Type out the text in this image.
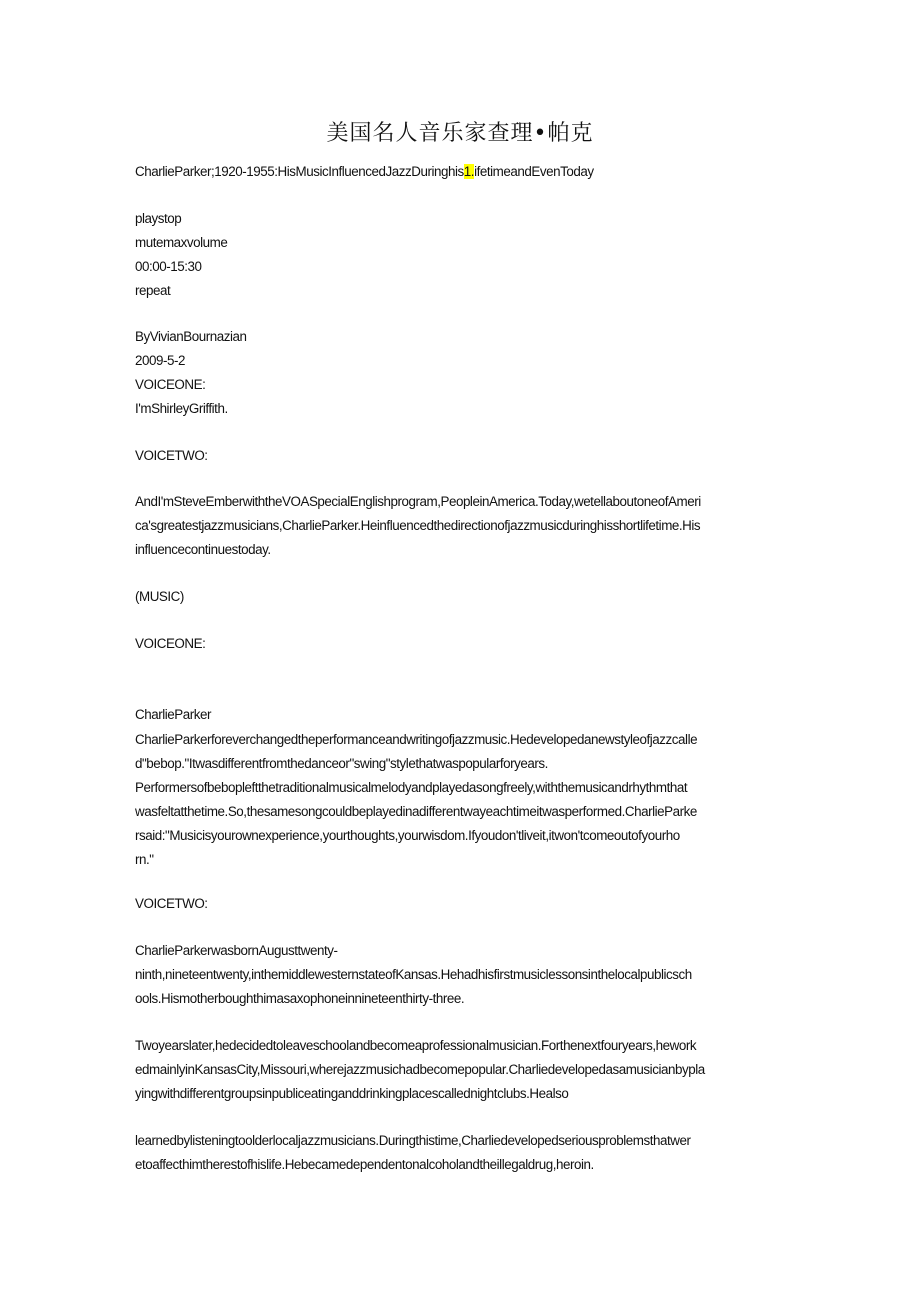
美国名人音乐家查理•帕克
CharlieParker;1920-1955:HisMusicInfluencedJazzDuringhis1.ifetimeandEvenToday
playstop
mutemaxvolume
00:00-15:30
repeat
ByVivianBournazian
2009-5-2
VOICEONE:
I'mShirleyGriffith.
VOICETWO:
AndI'mSteveEmberwiththeVOASpecialEnglishprogram,PeopleinAmerica.Today,wetellaboutoneofAmeri
ca'sgreatestjazzmusicians,CharlieParker.Heinfluencedthedirectionofjazzmusicduringhisshortlifetime.His
influencecontinuestoday.
(MUSIC)
VOICEONE:
CharlieParker
CharlieParkerforeverchangedtheperformanceandwritingofjazzmusic.Hedevelopedanewstyleofjazzcalle
d"bebop."Itwasdifferentfromthedanceor"swing"stylethatwaspopularforyears.
Performersofbebopleftthetraditionalmusicalmelodyandplayedasongfreely,withthemusicandrhythmthat
wasfeltatthetime.So,thesamesongcouldbeplayedinadifferentwayeachtimeitwasperformed.CharlieParke
rsaid:"Musicisyourownexperience,yourthoughts,yourwisdom.Ifyoudon'tliveit,itwon'tcomeoutofyourho
rn."
VOICETWO:
CharlieParkerwasbornAugusttwenty-
ninth,nineteentwenty,inthemiddlewesternstateofKansas.Hehadhisfirstmusiclessonsinthelocalpublicsch
ools.Hismotherboughthimasaxophoneinnineteenthirty-three.
Twoyearslater,hedecidedtoleaveschoolandbecomeaprofessionalmusician.Forthenextfouryears,hework
edmainlyinKansasCity,Missouri,wherejazzmusichadbecomepopular.Charliedevelopedasamusicianbypla
yingwithdifferentgroupsinpubliceatinganddrinkingplacescallednightclubs.Healso
learnedbylisteningtoolderlocaljazzmusicians.Duringthistime,Charliedevelopedseriousproblemsthatwer
etoaffecthimtherestofhislife.Hebecamedependentonalcoholandtheillegaldrug,heroin.
